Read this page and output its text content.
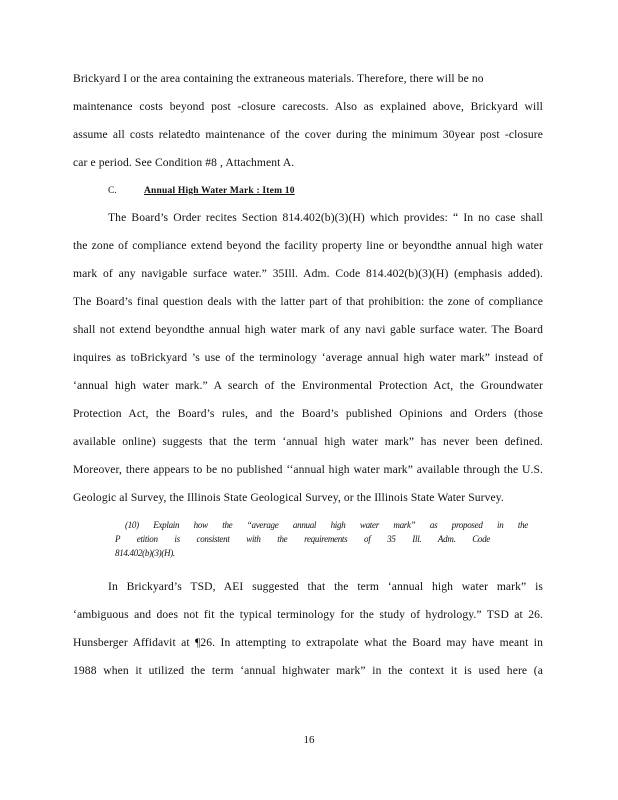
Brickyard I or the area containing the extraneous materials. Therefore, there will be no
maintenance costs beyond post -closure carecosts. Also as explained above, Brickyard will
assume all costs relatedto maintenance of the cover during the minimum 30year post -closure
car e period. See Condition #8 , Attachment A.
C.	Annual High Water Mark : Item 10
The Board’s Order recites Section 814.402(b)(3)(H) which provides: “ In no case shall
the zone of compliance extend beyond the facility property line or beyondthe annual high water
mark of any navigable surface water.” 35Ill. Adm. Code 814.402(b)(3)(H) (emphasis added).
The Board’s final question deals with the latter part of that prohibition: the zone of compliance
shall not extend beyondthe annual high water mark of any navi gable surface water. The Board
inquires as toBrickyard ’s use of the terminology ‘average annual high water mark” instead of
‘annual high water mark.” A search of the Environmental Protection Act, the Groundwater
Protection Act, the Board’s rules, and the Board’s published Opinions and Orders (those
available online) suggests that the term ‘annual high water mark” has never been defined.
Moreover, there appears to be no published ‘‘annual high water mark” available through the U.S.
Geologic al Survey, the Illinois State Geological Survey, or the Illinois State Water Survey.
(10) Explain how the “average annual high water mark” as proposed in the
P etition is consistent with the requirements of 35 Ill. Adm. Code
814.402(b)(3)(H).
In Brickyard’s TSD, AEI suggested that the term ‘annual high water mark” is
‘ambiguous and does not fit the typical terminology for the study of hydrology.” TSD at 26.
Hunsberger Affidavit at ¶26. In attempting to extrapolate what the Board may have meant in
1988 when it utilized the term ‘annual highwater mark” in the context it is used here (a
16
